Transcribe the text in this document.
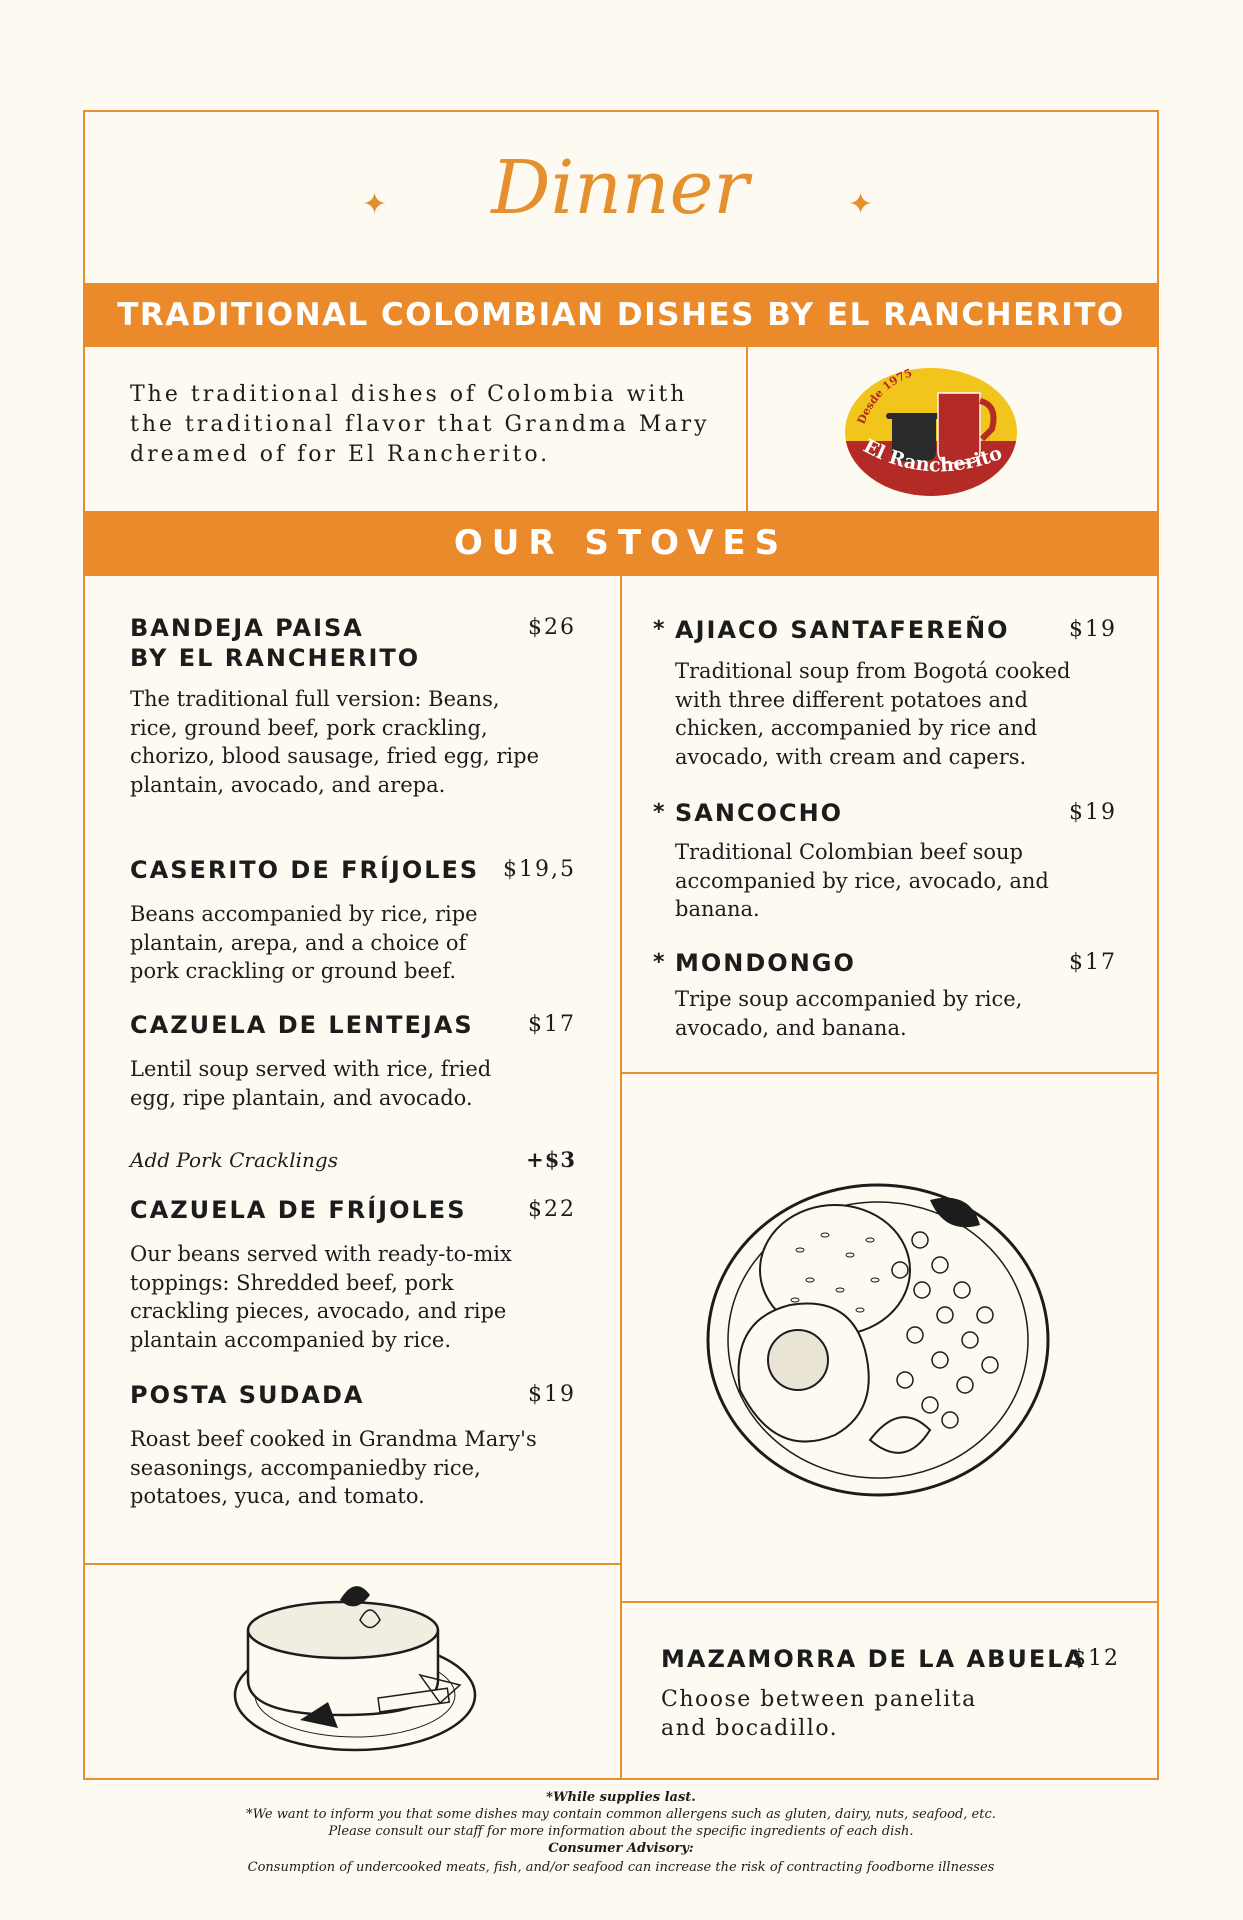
✦ Dinner	✦
TRADITIONAL COLOMBIAN DISHES BY EL RANCHERITO
The traditional dishes of Colombia with the traditional flavor that Grandma Mary dreamed of for El Rancherito.
Desde 1975
El Rancherito
OUR STOVES
BANDEJA PAISA
BY EL RANCHERITO
$26
The traditional full version: Beans, rice, ground beef, pork crackling, chorizo, blood sausage, fried egg, ripe plantain, avocado, and arepa.
CASERITO DE FRÍJOLES $19,5
Beans accompanied by rice, ripe plantain, arepa, and a choice of pork crackling or ground beef.
CAZUELA DE LENTEJAS $17
Lentil soup served with rice, fried egg, ripe plantain, and avocado.
Add Pork Cracklings	+$3
CAZUELA DE FRÍJOLES	$22
Our beans served with ready-to-mix toppings: Shredded beef, pork crackling pieces, avocado, and ripe plantain accompanied by rice.
POSTA SUDADA	$19
Roast beef cooked in Grandma Mary's seasonings, accompaniedby rice, potatoes, yuca, and tomato.
* AJIACO SANTAFEREÑO	$19
Traditional soup from Bogotá cooked with three different potatoes and chicken, accompanied by rice and avocado, with cream and capers.
* SANCOCHO	$19
Traditional Colombian beef soup accompanied by rice, avocado, and banana.
* MONDONGO	$17
Tripe soup accompanied by rice, avocado, and banana.
MAZAMORRA DE LA ABUELA
$12
Choose between panelita and bocadillo.
*While supplies last.
*We want to inform you that some dishes may contain common allergens such as gluten, dairy, nuts, seafood, etc.
Please consult our staff for more information about the specific ingredients of each dish.
Consumer Advisory:
Consumption of undercooked meats, fish, and/or seafood can increase the risk of contracting foodborne illnesses
